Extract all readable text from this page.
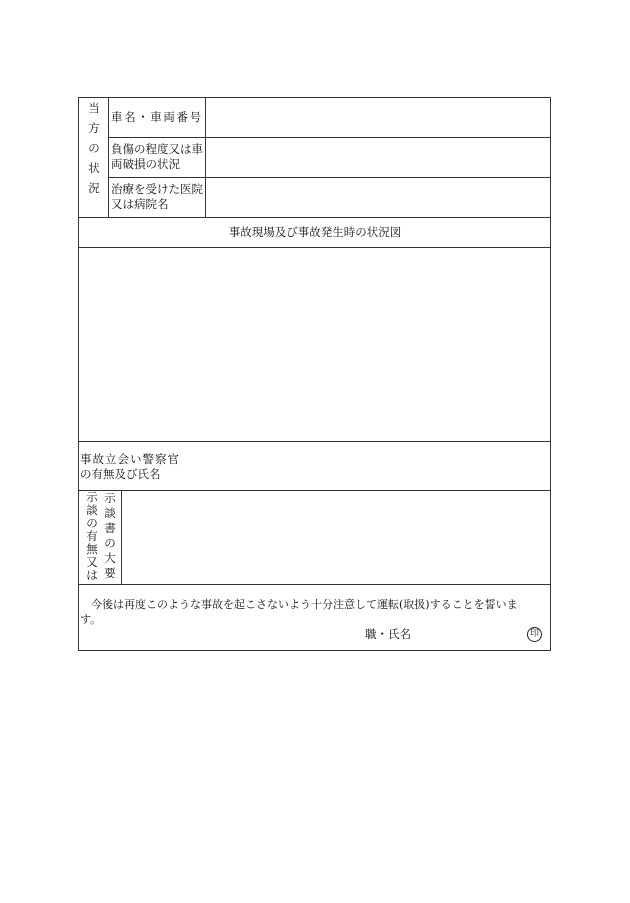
当
方
の
状
況
車名・車両番号
負傷の程度又は車
両破損の状況
治療を受けた医院
又は病院名
事故現場及び事故発生時の状況図
事故立会い警察官
の有無及び氏名
示
談
の
有
無
又
は
示
談
書
の
大
要
今後は再度このような事故を起こさないよう十分注意して運転(取扱)することを誓いま
す。
職・氏名	印
